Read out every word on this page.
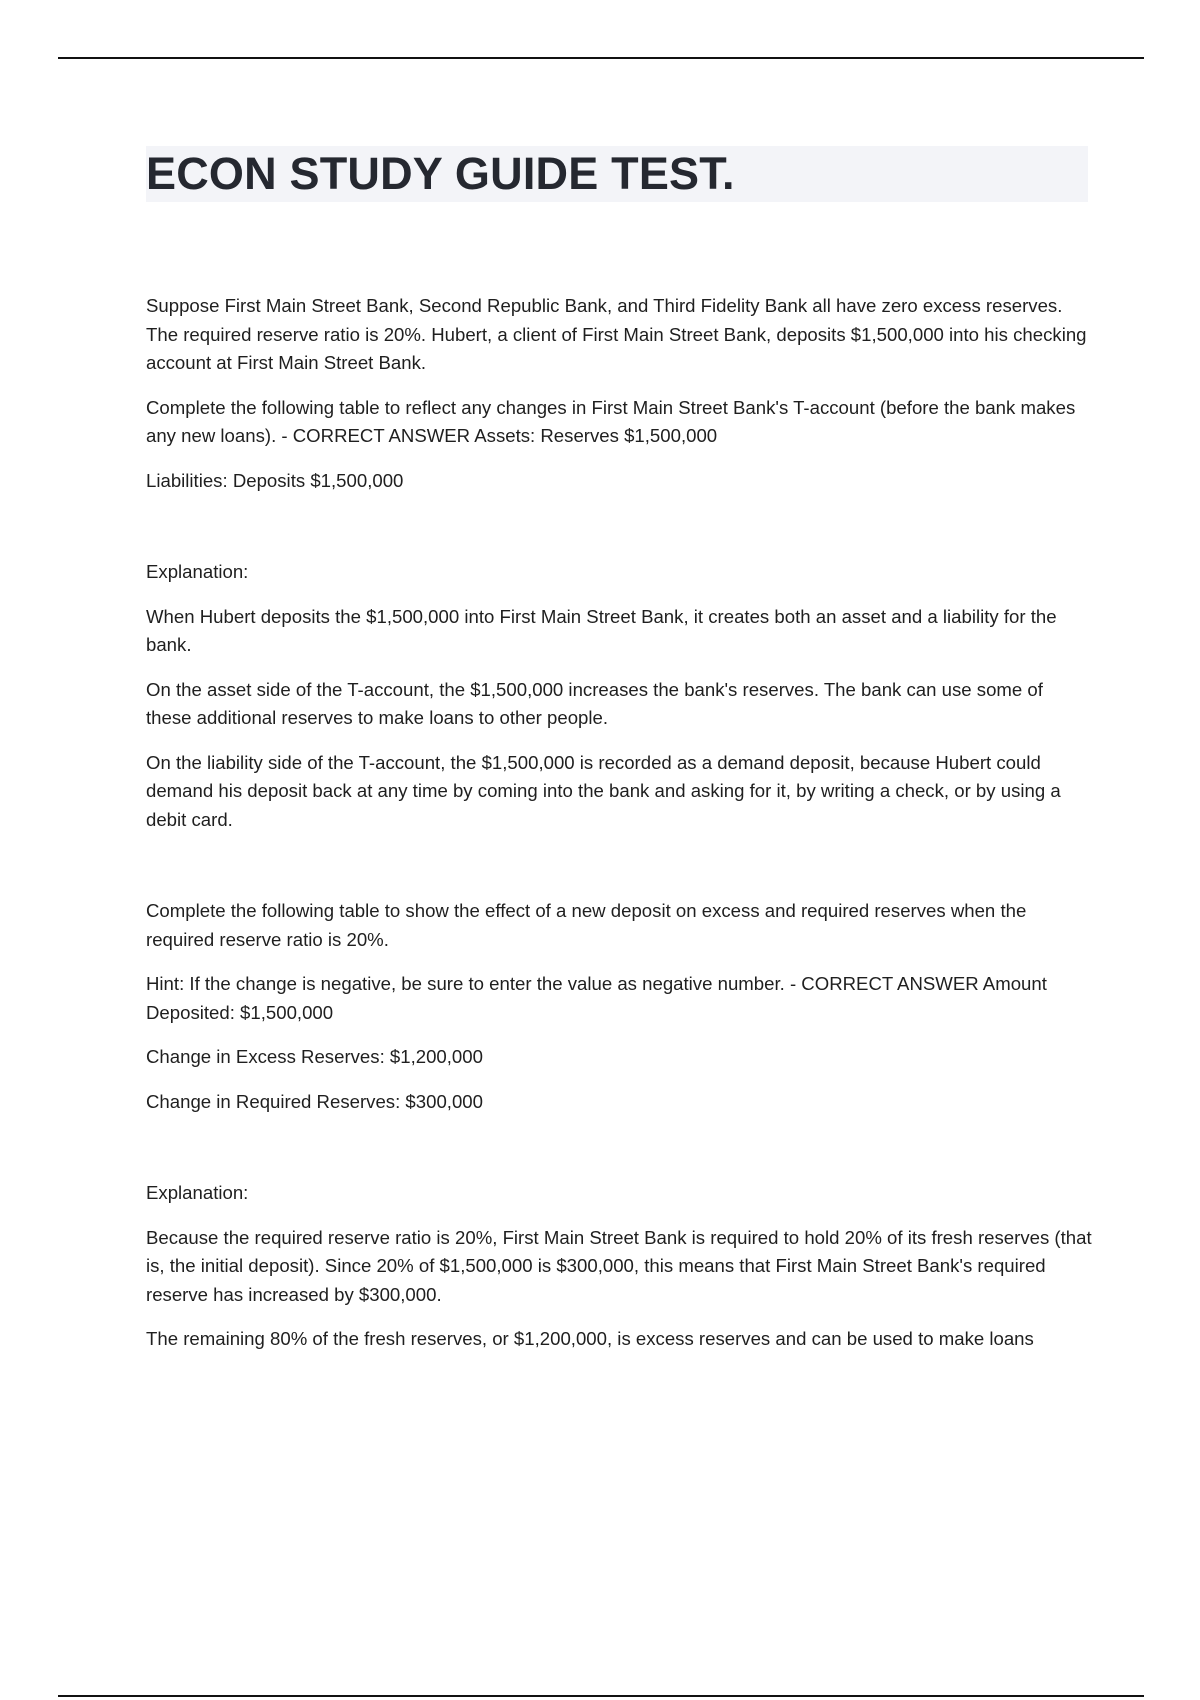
ECON STUDY GUIDE TEST.

Suppose First Main Street Bank, Second Republic Bank, and Third Fidelity Bank all have zero excess reserves. The required reserve ratio is 20%. Hubert, a client of First Main Street Bank, deposits $1,500,000 into his checking account at First Main Street Bank.

Complete the following table to reflect any changes in First Main Street Bank's T-account (before the bank makes any new loans). - CORRECT ANSWER Assets: Reserves $1,500,000

Liabilities: Deposits $1,500,000

Explanation:

When Hubert deposits the $1,500,000 into First Main Street Bank, it creates both an asset and a liability for the bank.

On the asset side of the T-account, the $1,500,000 increases the bank's reserves. The bank can use some of these additional reserves to make loans to other people.

On the liability side of the T-account, the $1,500,000 is recorded as a demand deposit, because Hubert could demand his deposit back at any time by coming into the bank and asking for it, by writing a check, or by using a debit card.

Complete the following table to show the effect of a new deposit on excess and required reserves when the required reserve ratio is 20%.

Hint: If the change is negative, be sure to enter the value as negative number. - CORRECT ANSWER Amount Deposited: $1,500,000

Change in Excess Reserves: $1,200,000

Change in Required Reserves: $300,000

Explanation:

Because the required reserve ratio is 20%, First Main Street Bank is required to hold 20% of its fresh reserves (that is, the initial deposit). Since 20% of $1,500,000 is $300,000, this means that First Main Street Bank's required reserve has increased by $300,000.

The remaining 80% of the fresh reserves, or $1,200,000, is excess reserves and can be used to make loans
